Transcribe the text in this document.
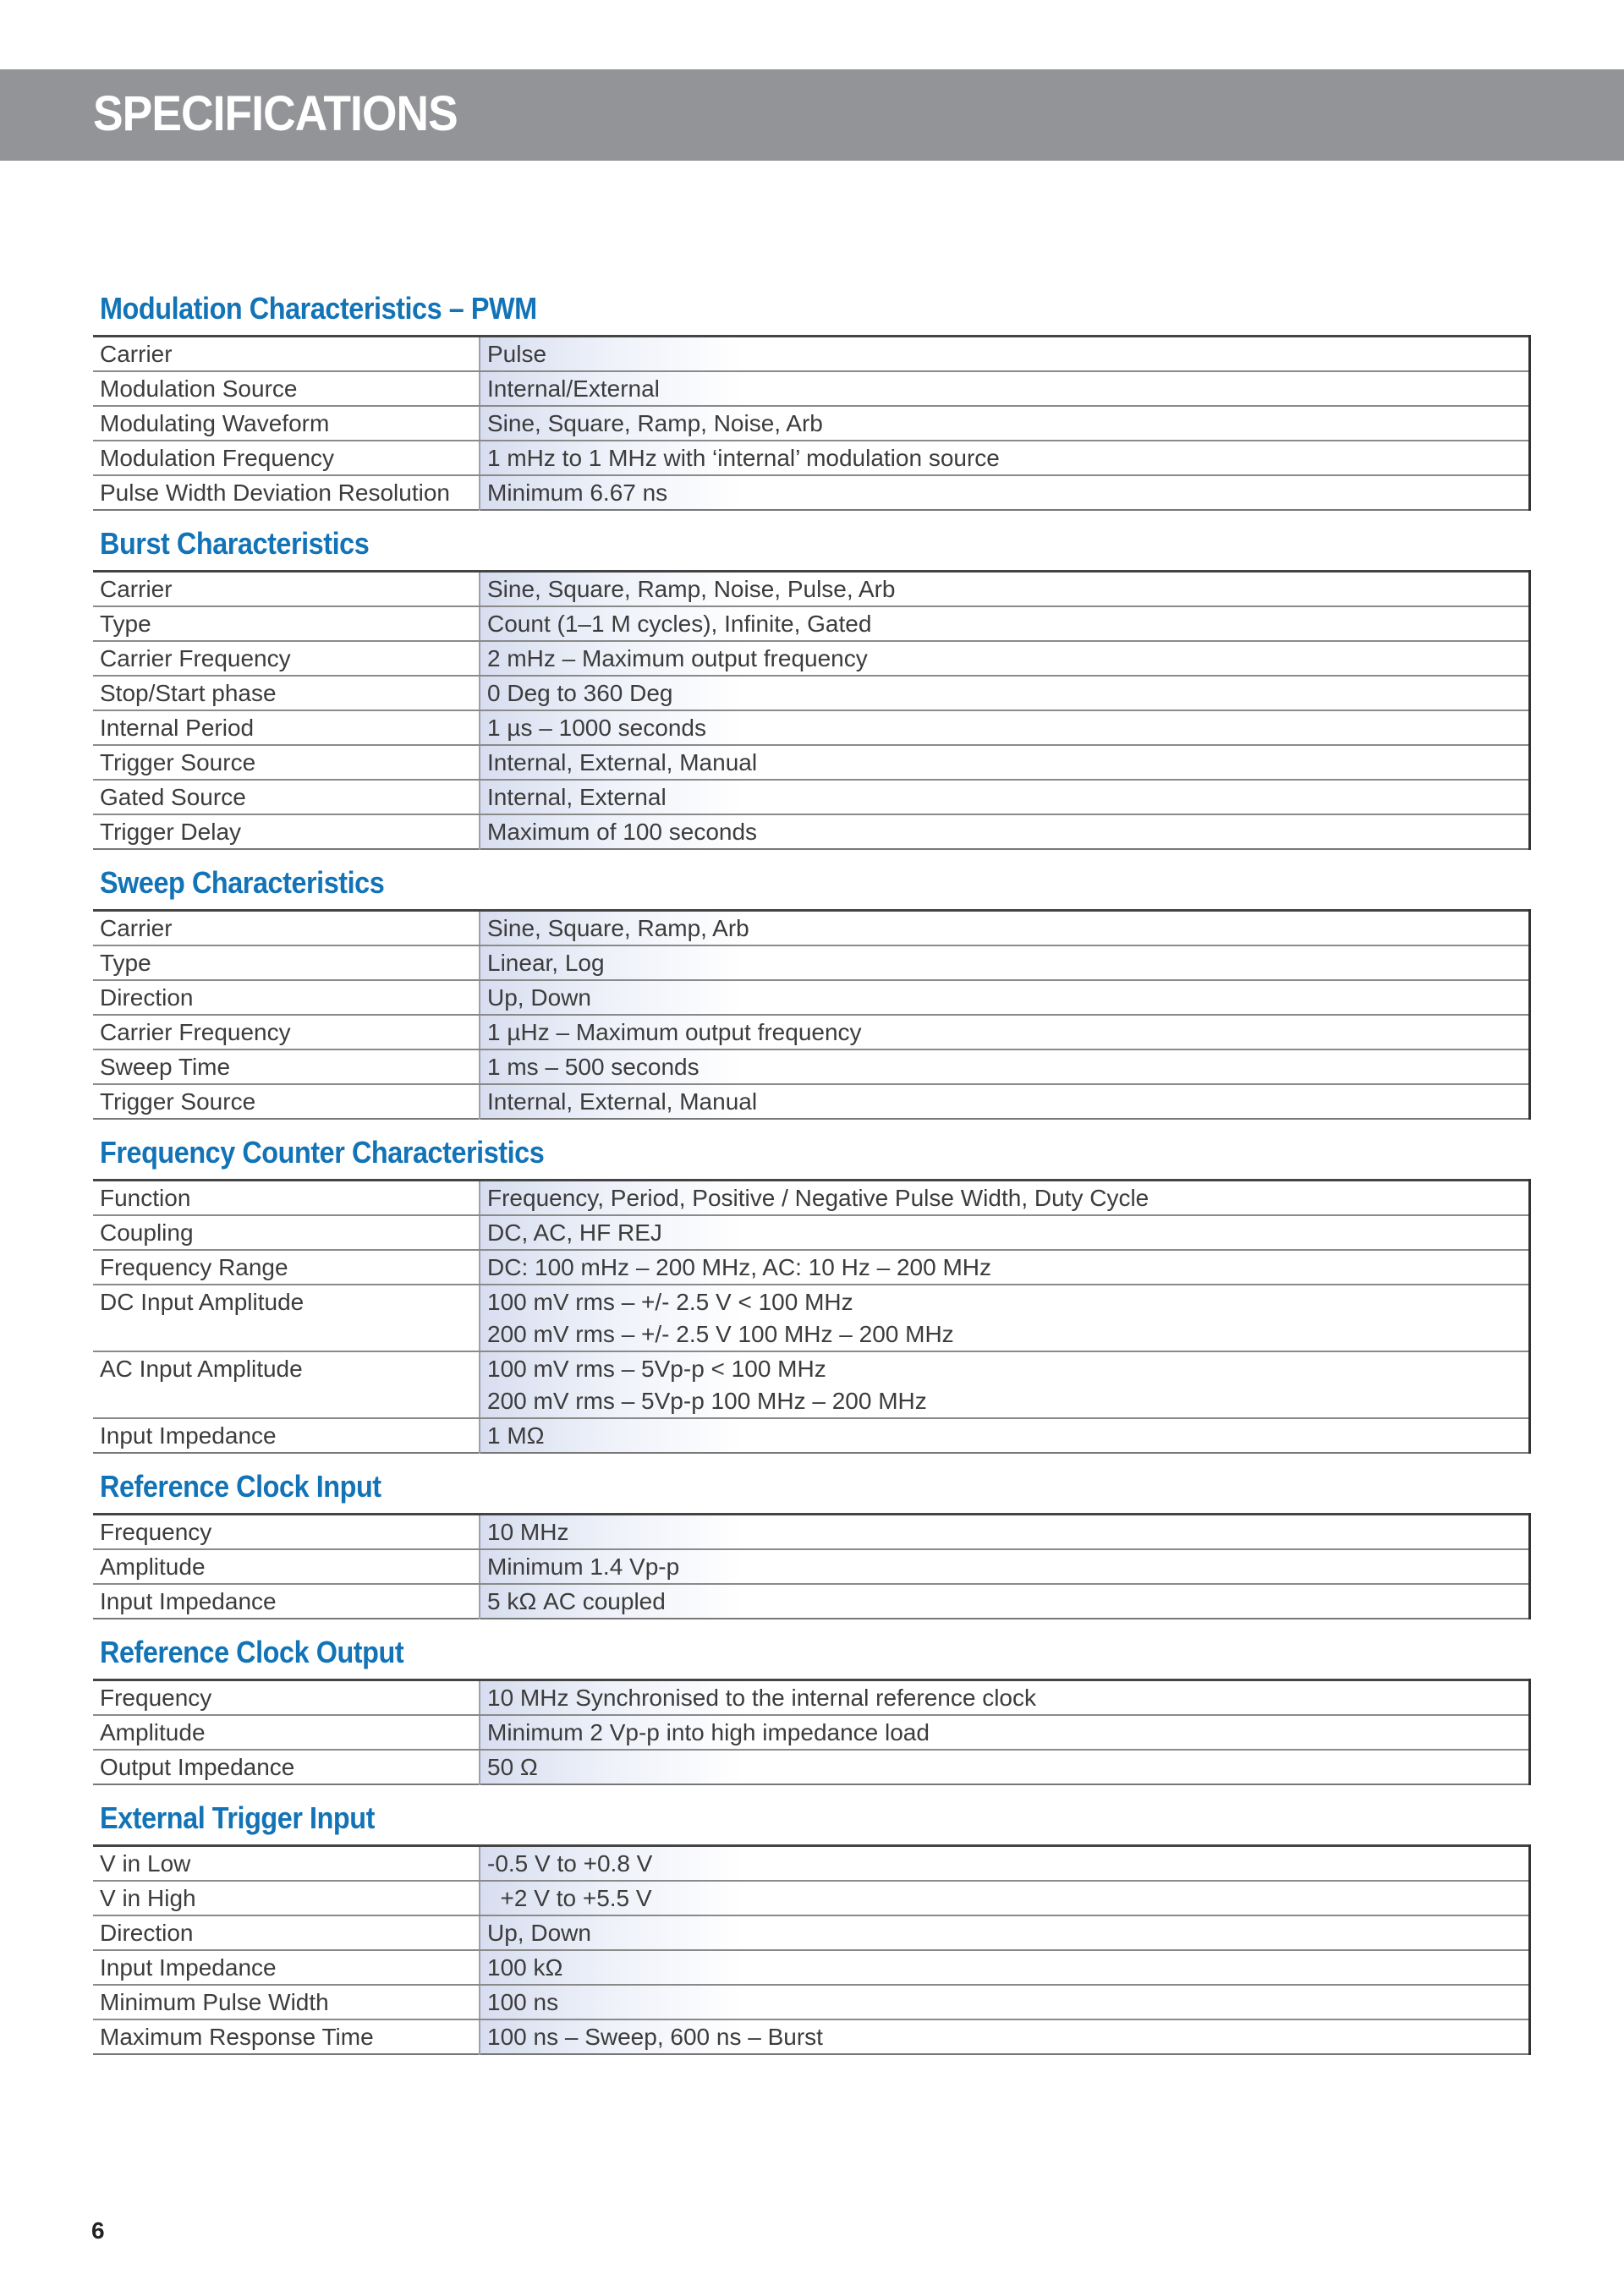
SPECIFICATIONS
Modulation Characteristics – PWM
Carrier	Pulse

Modulation Source	Internal/External

Modulating Waveform	Sine, Square, Ramp, Noise, Arb

Modulation Frequency	1 mHz to 1 MHz with ‘internal’ modulation source

Pulse Width Deviation Resolution	Minimum 6.67 ns
Burst Characteristics
Carrier	Sine, Square, Ramp, Noise, Pulse, Arb

Type	Count (1–1 M cycles), Infinite, Gated

Carrier Frequency	2 mHz – Maximum output frequency

Stop/Start phase	0 Deg to 360 Deg

Internal Period	1 µs – 1000 seconds

Trigger Source	Internal, External, Manual

Gated Source	Internal, External

Trigger Delay	Maximum of 100 seconds
Sweep Characteristics
Carrier	Sine, Square, Ramp, Arb

Type	Linear, Log

Direction	Up, Down

Carrier Frequency	1 µHz – Maximum output frequency

Sweep Time	1 ms – 500 seconds

Trigger Source	Internal, External, Manual
Frequency Counter Characteristics
Function	Frequency, Period, Positive / Negative Pulse Width, Duty Cycle

Coupling	DC, AC, HF REJ

Frequency Range	DC: 100 mHz – 200 MHz, AC: 10 Hz – 200 MHz

DC Input Amplitude	100 mV rms – +/- 2.5 V < 100 MHz
200 mV rms – +/- 2.5 V 100 MHz – 200 MHz

AC Input Amplitude	100 mV rms – 5Vp-p < 100 MHz
200 mV rms – 5Vp-p 100 MHz – 200 MHz

Input Impedance	1 MΩ
Reference Clock Input
Frequency	10 MHz

Amplitude	Minimum 1.4 Vp-p

Input Impedance	5 kΩ AC coupled
Reference Clock Output
Frequency	10 MHz Synchronised to the internal reference clock

Amplitude	Minimum 2 Vp-p into high impedance load

Output Impedance	50 Ω
External Trigger Input
V in Low	-0.5 V to +0.8 V

V in High	+2 V to +5.5 V

Direction	Up, Down

Input Impedance	100 kΩ

Minimum Pulse Width	100 ns

Maximum Response Time	100 ns – Sweep, 600 ns – Burst
6
